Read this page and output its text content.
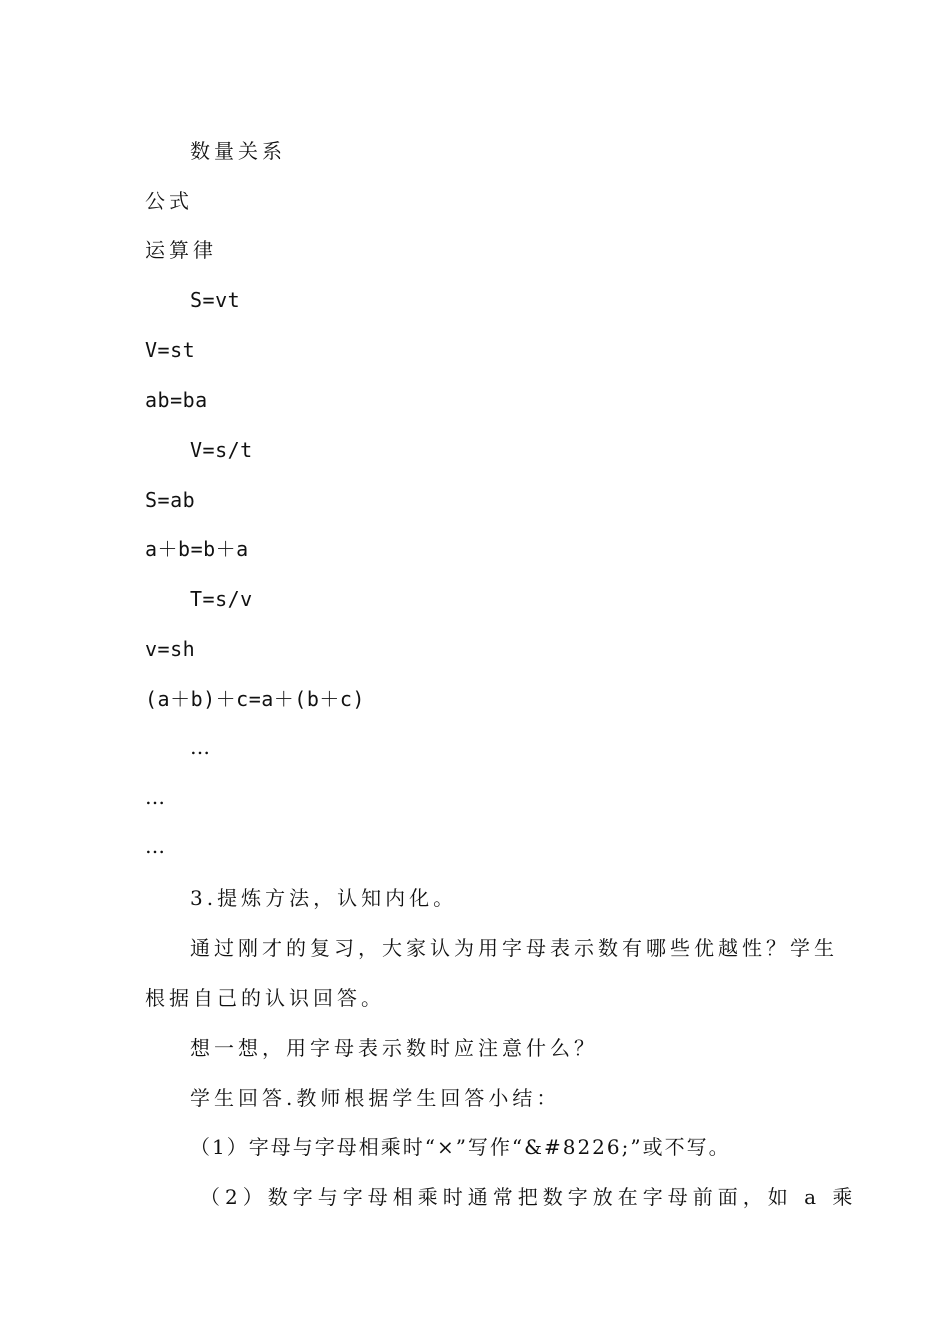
数量关系
公式
运算律
S=vt
V=st
ab=ba
V=s/t
S=ab
a＋b=b＋a
T=s/v
v=sh
(a＋b)＋c=a＋(b＋c)
…
…
…
3.提炼方法，认知内化。
通过刚才的复习，大家认为用字母表示数有哪些优越性？学生
根据自己的认识回答。
想一想，用字母表示数时应注意什么？
学生回答.教师根据学生回答小结：
（1）字母与字母相乘时“×”写作“&#8226;”或不写。
（2）数字与字母相乘时通常把数字放在字母前面，如 a 乘
